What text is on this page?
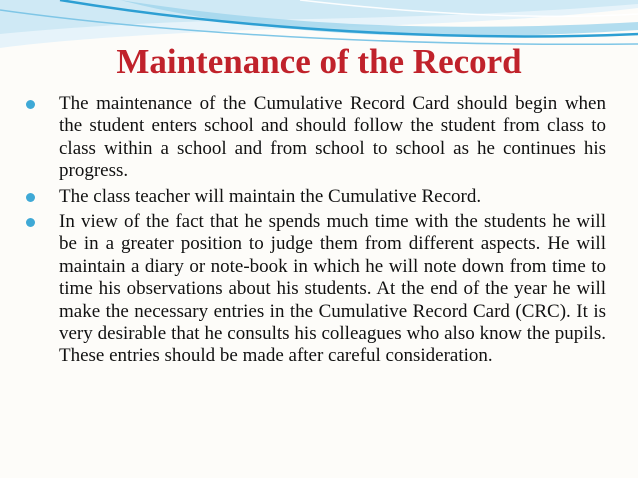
Maintenance of the Record
The maintenance of the Cumulative Record Card should begin when the student enters school and should follow the student from class to class within a school and from school to school as he continues his progress.
The class teacher will maintain the Cumulative Record.
In view of the fact that he spends much time with the students he will be in a greater position to judge them from different aspects. He will maintain a diary or note-book in which he will note down from time to time his observations about his students. At the end of the year he will make the necessary entries in the Cumulative Record Card (CRC). It is very desirable that he consults his colleagues who also know the pupils. These entries should be made after careful consideration.
